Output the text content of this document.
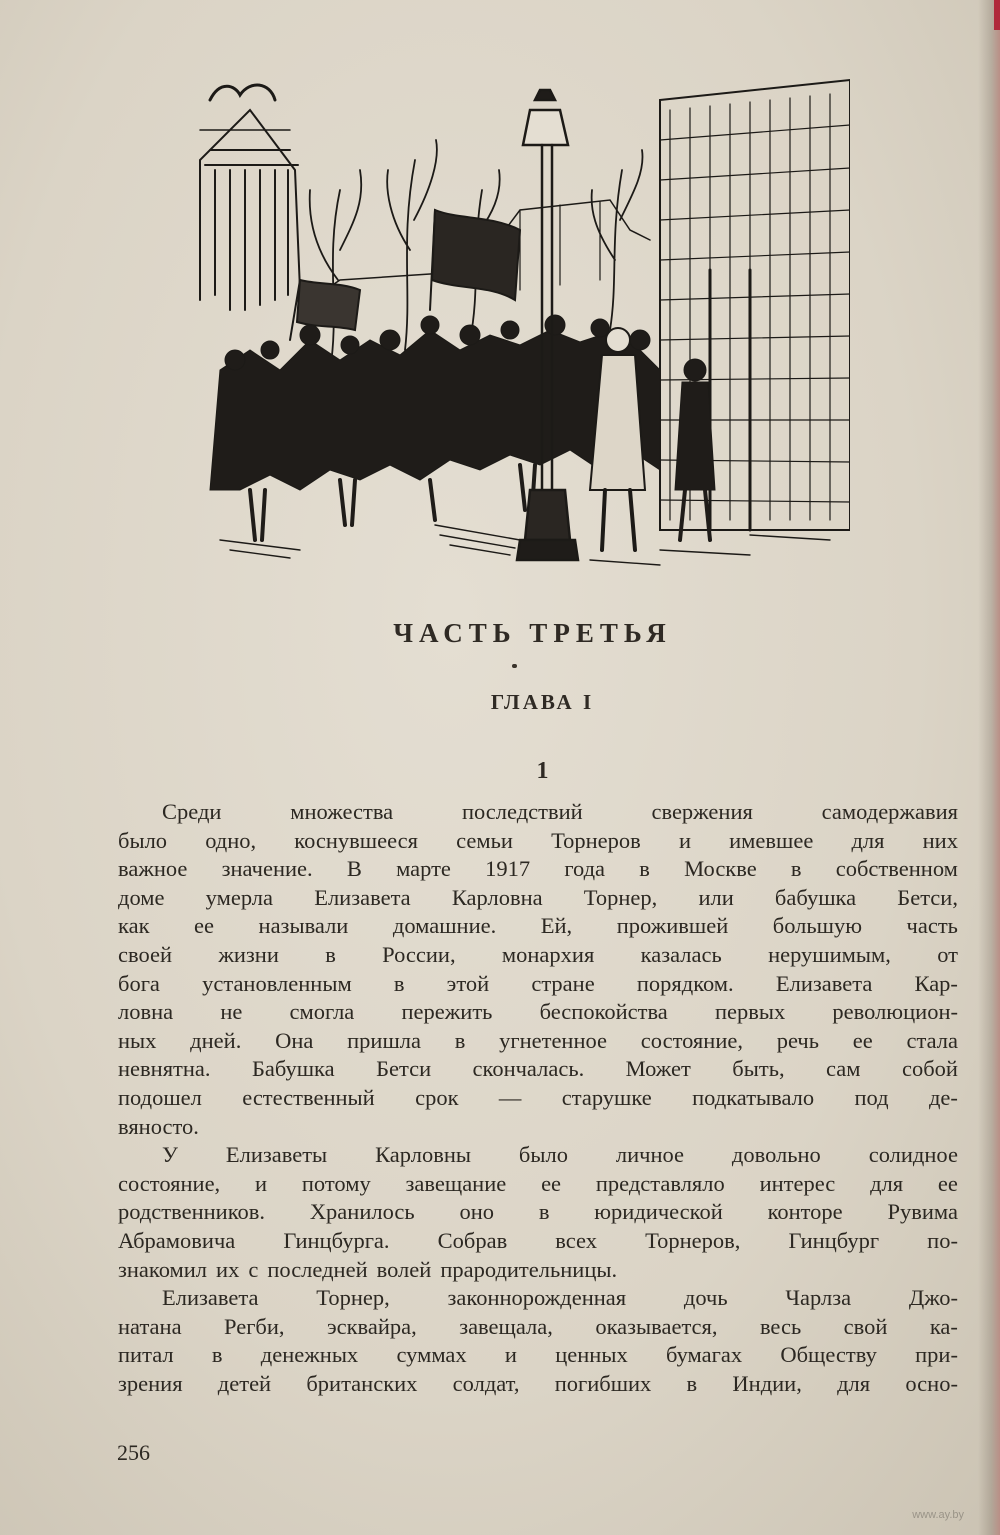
ЧАСТЬ ТРЕТЬЯ
ГЛАВА I
1
Среди	множества	последствий	свержения	самодержавия
было одно, коснувшееся семьи Торнеров и имевшее для них
важное значение. В марте 1917 года в Москве в собственном
доме умерла Елизавета Карловна Торнер, или бабушка Бетси,
как ее называли домашние. Ей, прожившей большую часть
своей жизни в России, монархия казалась нерушимым, от
бога установленным в этой стране порядком. Елизавета Кар-
ловна не смогла пережить беспокойства первых революцион-
ных дней. Она пришла в угнетенное состояние, речь ее стала
невнятна. Бабушка Бетси скончалась. Может быть, сам собой
подошел естественный срок — старушке подкатывало под де-
вяносто.
У Елизаветы Карловны было личное довольно солидное
состояние, и потому завещание ее представляло интерес для ее
родственников. Хранилось оно в юридической конторе Рувима
Абрамовича Гинцбурга. Собрав всех Торнеров, Гинцбург по-
знакомил их с последней волей прародительницы.
Елизавета	Торнер,	законнорожденная	дочь	Чарлза	Джо-
натана Регби, эсквайра, завещала, оказывается, весь свой ка-
питал в денежных суммах и ценных бумагах Обществу при-
зрения детей британских солдат, погибших в Индии, для осно-
256
www.ay.by
